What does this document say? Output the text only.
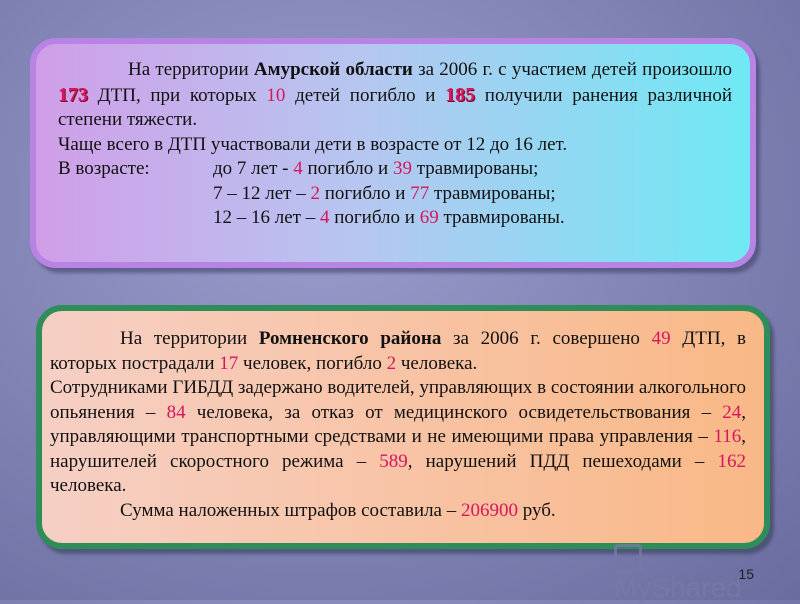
На территории Амурской области за 2006 г. с участием детей произошло 173 ДТП, при которых 10 детей погибло и 185 получили ранения различной степени тяжести.

Чаще всего в ДТП участвовали дети в возрасте от 12 до 16 лет.

В возрасте:	до 7 лет - 4 погибло и 39 травмированы;

7 – 12 лет – 2 погибло и 77 травмированы;

12 – 16 лет – 4 погибло и 69 травмированы.

На территории Ромненского района за 2006 г. совершено 49 ДТП, в которых пострадали 17 человек, погибло 2 человека.

Сотрудниками ГИБДД задержано водителей, управляющих в состоянии алкогольного опьянения – 84 человека, за отказ от медицинского освидетельствования – 24, управляющими транспортными средствами и не имеющими права управления – 116, нарушителей скоростного режима – 589, нарушений ПДД пешеходами – 162 человека.

Сумма наложенных штрафов составила – 206900 руб.

MyShared
15
